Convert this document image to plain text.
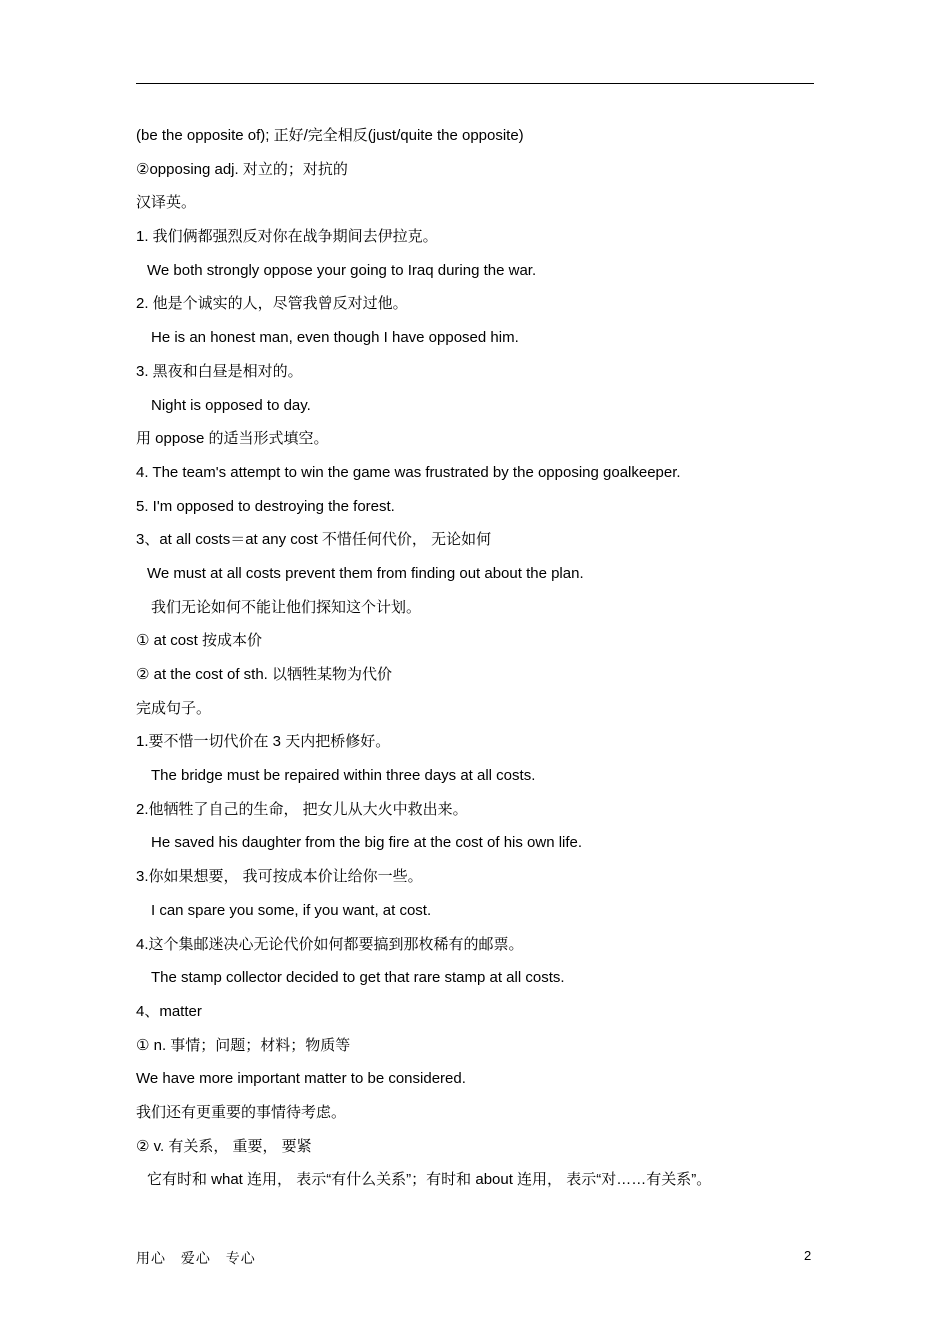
(be the opposite of); 正好/完全相反(just/quite the opposite)
②opposing adj. 对立的；对抗的
汉译英。
1. 我们俩都强烈反对你在战争期间去伊拉克。
We both strongly oppose your going to Iraq during the war.
2. 他是个诚实的人，尽管我曾反对过他。
He is an honest man, even though I have opposed him.
3. 黑夜和白昼是相对的。
Night is opposed to day.
用 oppose 的适当形式填空。
4. The team's attempt to win the game was frustrated by the opposing goalkeeper.
5. I'm opposed to destroying the forest.
3、at all costs＝at any cost 不惜任何代价， 无论如何
We must at all costs prevent them from finding out about the plan.
我们无论如何不能让他们探知这个计划。
① at cost 按成本价
② at the cost of sth. 以牺牲某物为代价
完成句子。
1.要不惜一切代价在 3 天内把桥修好。
The bridge must be repaired within three days at all costs.
2.他牺牲了自己的生命， 把女儿从大火中救出来。
He saved his daughter from the big fire at the cost of his own life.
3.你如果想要， 我可按成本价让给你一些。
I can spare you some, if you want, at cost.
4.这个集邮迷决心无论代价如何都要搞到那枚稀有的邮票。
The stamp collector decided to get that rare stamp at all costs.
4、matter
① n. 事情；问题；材料；物质等
We have more important matter to be considered.
我们还有更重要的事情待考虑。
② v. 有关系， 重要， 要紧
它有时和 what 连用， 表示“有什么关系”；有时和 about 连用， 表示“对……有关系”。
用心 爱心 专心	2
